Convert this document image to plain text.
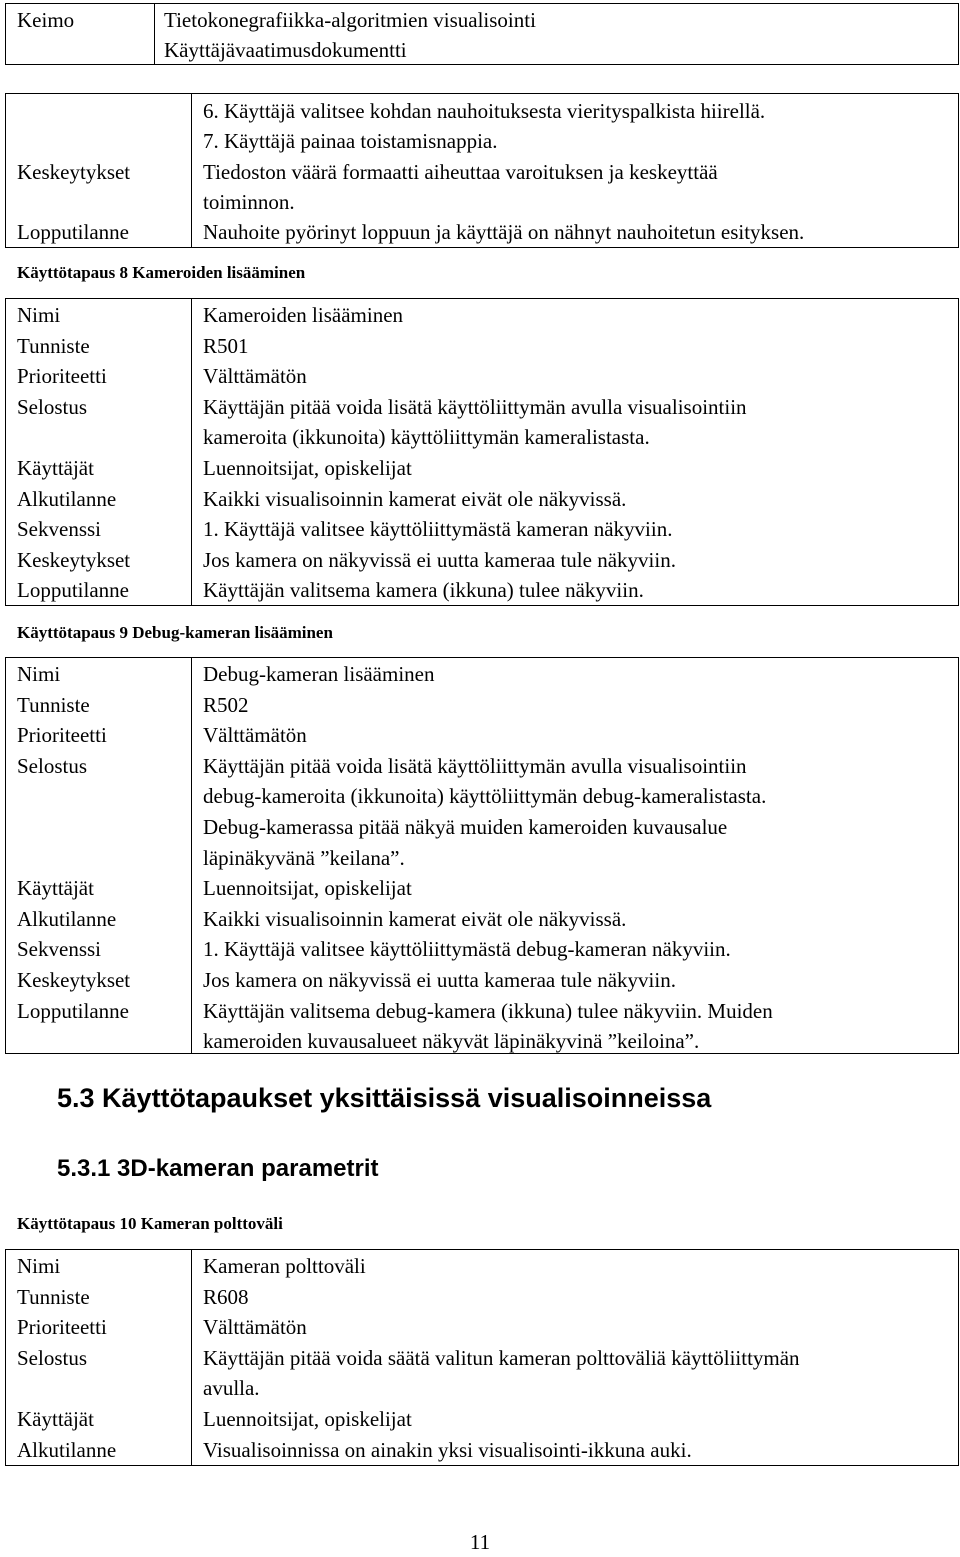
Keimo	Tietokonegrafiikka-algoritmien visualisointi
Käyttäjävaatimusdokumentti
6. Käyttäjä valitsee kohdan nauhoituksesta vierityspalkista hiirellä.
7. Käyttäjä painaa toistamisnappia.
Keskeytykset	Tiedoston väärä formaatti aiheuttaa varoituksen ja keskeyttää
toiminnon.
Lopputilanne	Nauhoite pyörinyt loppuun ja käyttäjä on nähnyt nauhoitetun esityksen.
Käyttötapaus 8 Kameroiden lisääminen
Nimi	Kameroiden lisääminen
Tunniste	R501
Prioriteetti	Välttämätön
Selostus	Käyttäjän pitää voida lisätä käyttöliittymän avulla visualisointiin
kameroita (ikkunoita) käyttöliittymän kameralistasta.
Käyttäjät	Luennoitsijat, opiskelijat
Alkutilanne	Kaikki visualisoinnin kamerat eivät ole näkyvissä.
Sekvenssi	1. Käyttäjä valitsee käyttöliittymästä kameran näkyviin.
Keskeytykset	Jos kamera on näkyvissä ei uutta kameraa tule näkyviin.
Lopputilanne	Käyttäjän valitsema kamera (ikkuna) tulee näkyviin.
Käyttötapaus 9 Debug-kameran lisääminen
Nimi	Debug-kameran lisääminen
Tunniste	R502
Prioriteetti	Välttämätön
Selostus	Käyttäjän pitää voida lisätä käyttöliittymän avulla visualisointiin
debug-kameroita (ikkunoita) käyttöliittymän debug-kameralistasta.
Debug-kamerassa pitää näkyä muiden kameroiden kuvausalue
läpinäkyvänä ”keilana”.
Käyttäjät	Luennoitsijat, opiskelijat
Alkutilanne	Kaikki visualisoinnin kamerat eivät ole näkyvissä.
Sekvenssi	1. Käyttäjä valitsee käyttöliittymästä debug-kameran näkyviin.
Keskeytykset	Jos kamera on näkyvissä ei uutta kameraa tule näkyviin.
Lopputilanne	Käyttäjän valitsema debug-kamera (ikkuna) tulee näkyviin. Muiden
kameroiden kuvausalueet näkyvät läpinäkyvinä ”keiloina”.
5.3 Käyttötapaukset yksittäisissä visualisoinneissa
5.3.1 3D-kameran parametrit
Käyttötapaus 10 Kameran polttoväli
Nimi	Kameran polttoväli
Tunniste	R608
Prioriteetti	Välttämätön
Selostus	Käyttäjän pitää voida säätä valitun kameran polttoväliä käyttöliittymän
avulla.
Käyttäjät	Luennoitsijat, opiskelijat
Alkutilanne	Visualisoinnissa on ainakin yksi visualisointi-ikkuna auki.
11
